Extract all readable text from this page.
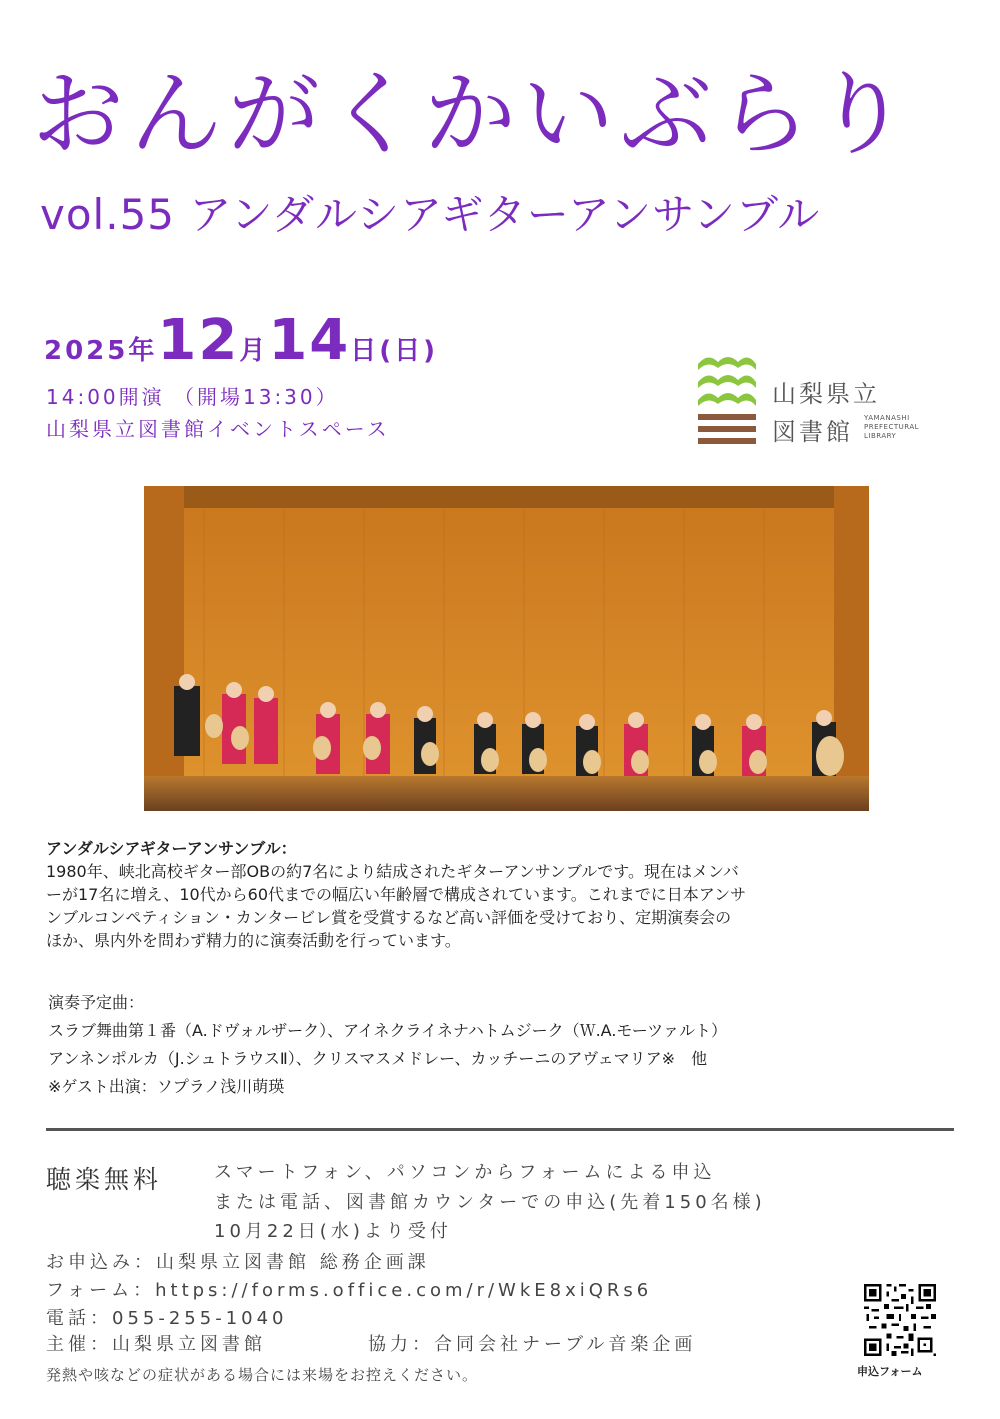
おんがくかいぶらり
vol.55 アンダルシアギターアンサンブル
2025年12月14日(日)
14:00開演 （開場13:30）
山梨県立図書館イベントスペース
山梨県立
図書館 YAMANASHI
PREFECTURAL
LIBRARY
アンダルシアギターアンサンブル：
1980年、峡北高校ギター部OBの約7名により結成されたギターアンサンブルです。現在はメンバ
ーが17名に増え、10代から60代までの幅広い年齢層で構成されています。これまでに日本アンサ
ンブルコンペティション・カンタービレ賞を受賞するなど高い評価を受けており、定期演奏会の
ほか、県内外を問わず精力的に演奏活動を行っています。
演奏予定曲：
スラブ舞曲第１番（A.ドヴォルザーク）、アイネクライネナハトムジーク（Ｗ.A.モーツァルト）
アンネンポルカ（J.シュトラウスⅡ）、クリスマスメドレー、カッチーニのアヴェマリア※　他
※ゲスト出演：ソプラノ浅川萌瑛
聴楽無料	スマートフォン、パソコンからフォームによる申込
または電話、図書館カウンターでの申込(先着150名様)
10月22日(水)より受付
お申込み：山梨県立図書館 総務企画課
フォーム：https://forms.office.com/r/WkE8xiQRs6
電話：055-255-1040
主催：山梨県立図書館	協力：合同会社ナーブル音楽企画
発熱や咳などの症状がある場合には来場をお控えください。	申込フォーム
